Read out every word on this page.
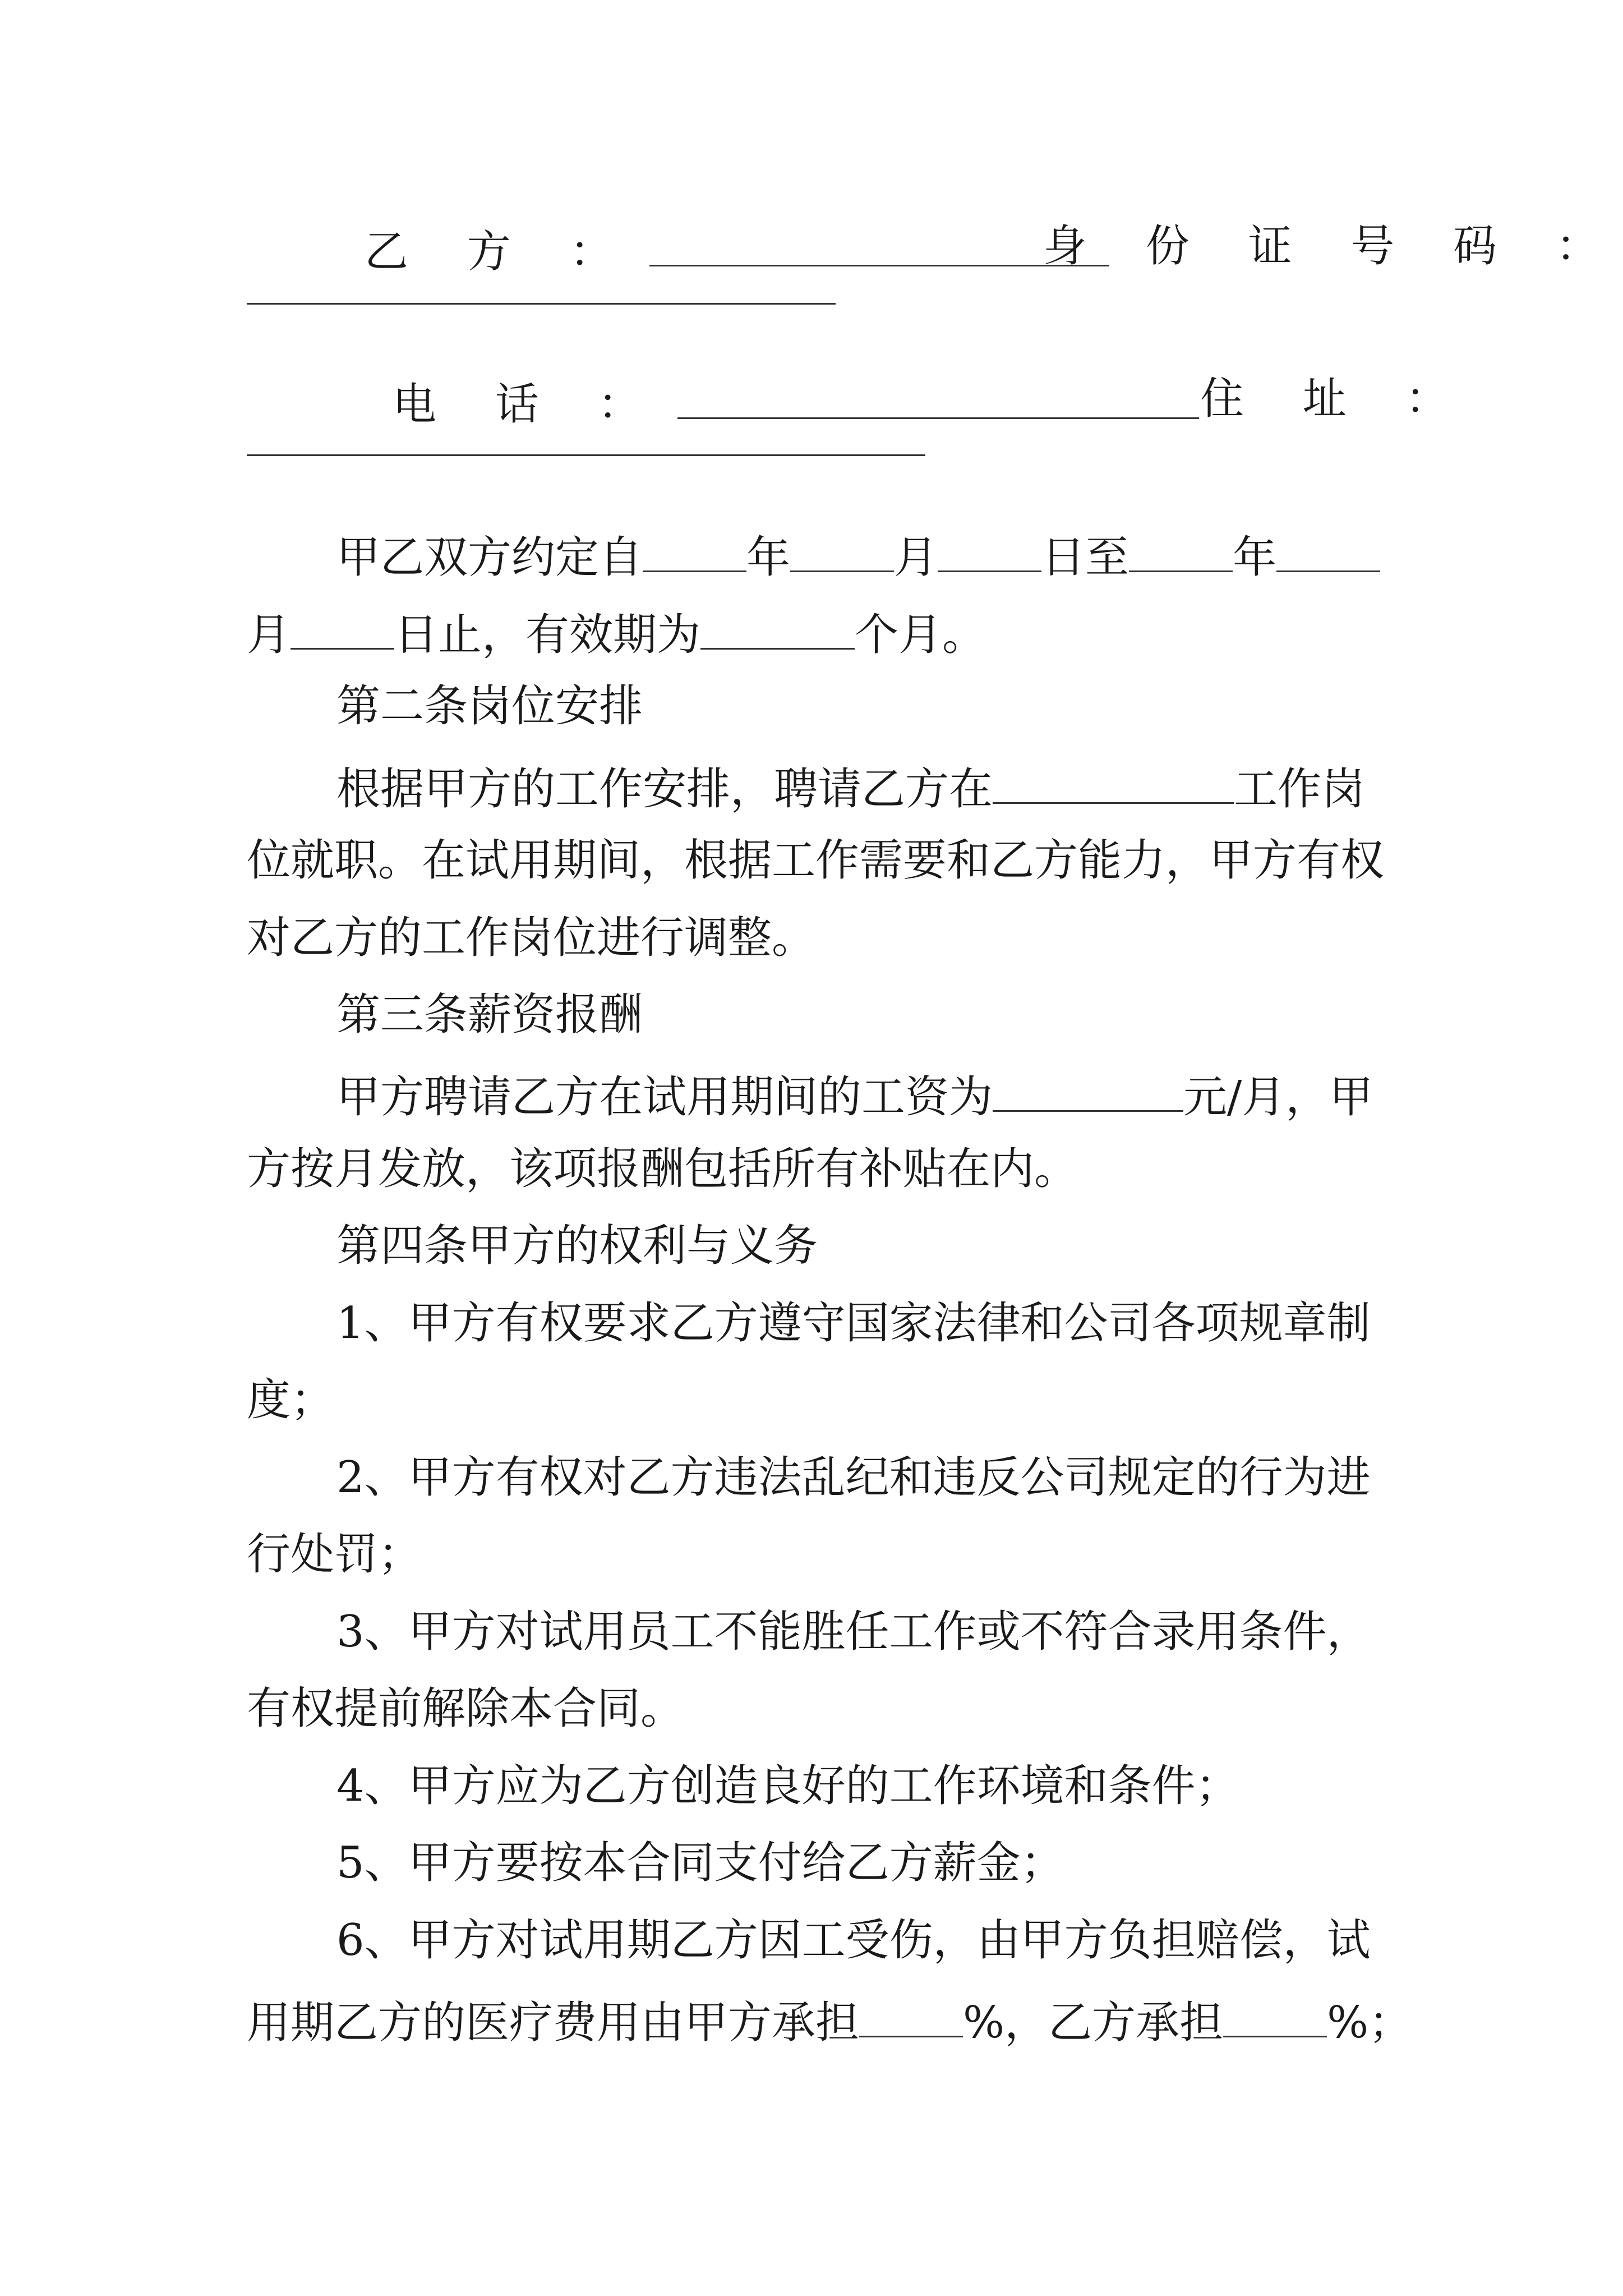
乙 方 ：	身 份 证 号 码 ：
电 话 ：	住 址 ：
甲乙双方约定自 年 月 日至 年
月 日止，有效期为	个月。
第二条岗位安排
根据甲方的工作安排，聘请乙方在	工作岗
位就职。在试用期间，根据工作需要和乙方能力，甲方有权
对乙方的工作岗位进行调整。
第三条薪资报酬
甲方聘请乙方在试用期间的工资为	元/月，甲
方按月发放，该项报酬包括所有补贴在内。
第四条甲方的权利与义务
1、甲方有权要求乙方遵守国家法律和公司各项规章制
度；
2、甲方有权对乙方违法乱纪和违反公司规定的行为进
行处罚；
3、甲方对试用员工不能胜任工作或不符合录用条件，
有权提前解除本合同。
4、甲方应为乙方创造良好的工作环境和条件；
5、甲方要按本合同支付给乙方薪金；
6、甲方对试用期乙方因工受伤，由甲方负担赔偿，试
用期乙方的医疗费用由甲方承担 %，乙方承担 %；
